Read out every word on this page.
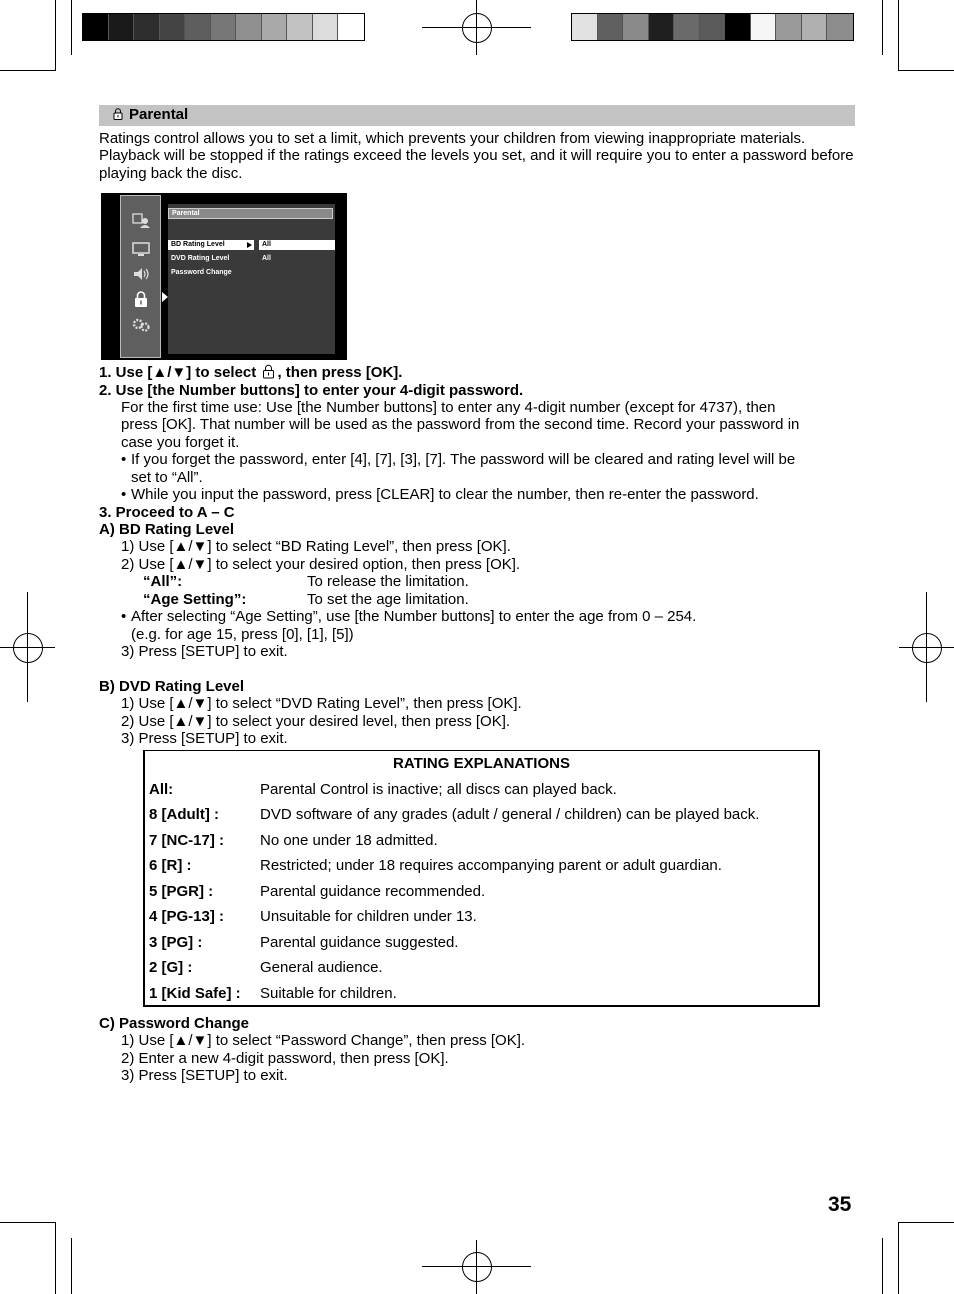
Parental
Ratings control allows you to set a limit, which prevents your children from viewing inappropriate materials. Playback will be stopped if the ratings exceed the levels you set, and it will require you to enter a password before playing back the disc.
Parental
BD Rating Level	All
DVD Rating Level	All
Password Change
1. Use [▲/▼] to select , then press [OK].
2. Use [the Number buttons] to enter your 4-digit password.
For the first time use: Use [the Number buttons] to enter any 4-digit number (except for 4737), then
press [OK]. That number will be used as the password from the second time. Record your password in
case you forget it.
• If you forget the password, enter [4], [7], [3], [7]. The password will be cleared and rating level will be
set to “All”.
• While you input the password, press [CLEAR] to clear the number, then re-enter the password.
3. Proceed to A – C
A) BD Rating Level
1) Use [▲/▼] to select “BD Rating Level”, then press [OK].
2) Use [▲/▼] to select your desired option, then press [OK].
“All”:	To release the limitation.
“Age Setting”:	To set the age limitation.
• After selecting “Age Setting”, use [the Number buttons] to enter the age from 0 – 254.
(e.g. for age 15, press [0], [1], [5])
3) Press [SETUP] to exit.
B) DVD Rating Level
1) Use [▲/▼] to select “DVD Rating Level”, then press [OK].
2) Use [▲/▼] to select your desired level, then press [OK].
3) Press [SETUP] to exit.
RATING EXPLANATIONS
All:	Parental Control is inactive; all discs can played back.
8 [Adult] :	DVD software of any grades (adult / general / children) can be played back.
7 [NC-17] : No one under 18 admitted.
6 [R] :	Restricted; under 18 requires accompanying parent or adult guardian.
5 [PGR] :	Parental guidance recommended.
4 [PG-13] : Unsuitable for children under 13.
3 [PG] :	Parental guidance suggested.
2 [G] :	General audience.
1 [Kid Safe] : Suitable for children.
C) Password Change
1) Use [▲/▼] to select “Password Change”, then press [OK].
2) Enter a new 4-digit password, then press [OK].
3) Press [SETUP] to exit.
35
